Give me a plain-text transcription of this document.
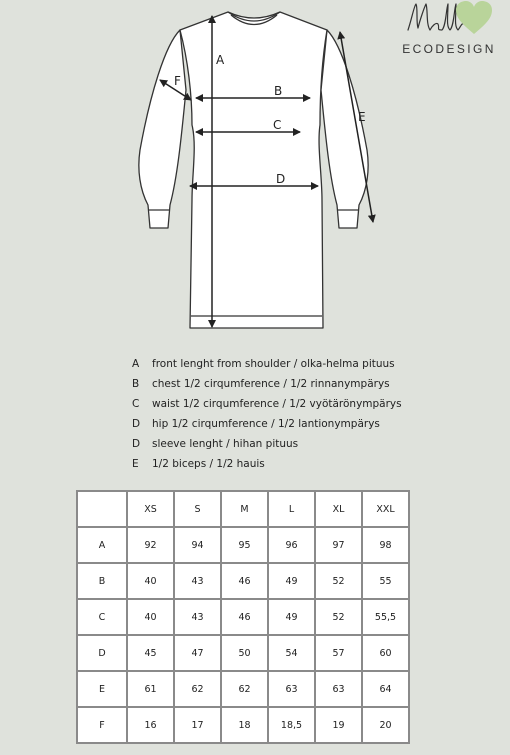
A
B
C
D
E
F
ECODESIGN
A front lenght from shoulder / olka-helma pituus
B chest 1/2 cirqumference / 1/2 rinnanympärys
C waist 1/2 cirqumference / 1/2 vyötärönympärys
D hip 1/2 cirqumference / 1/2 lantionympärys
D sleeve lenght / hihan pituus
E 1/2 biceps / 1/2 hauis
	XS	S	M	L	XL	XXL
A	92	94	95	96	97	98
B	40	43	46	49	52	55
C	40	43	46	49	52	55,5
D	45	47	50	54	57	60
E	61	62	62	63	63	64
F	16	17	18	18,5	19	20
